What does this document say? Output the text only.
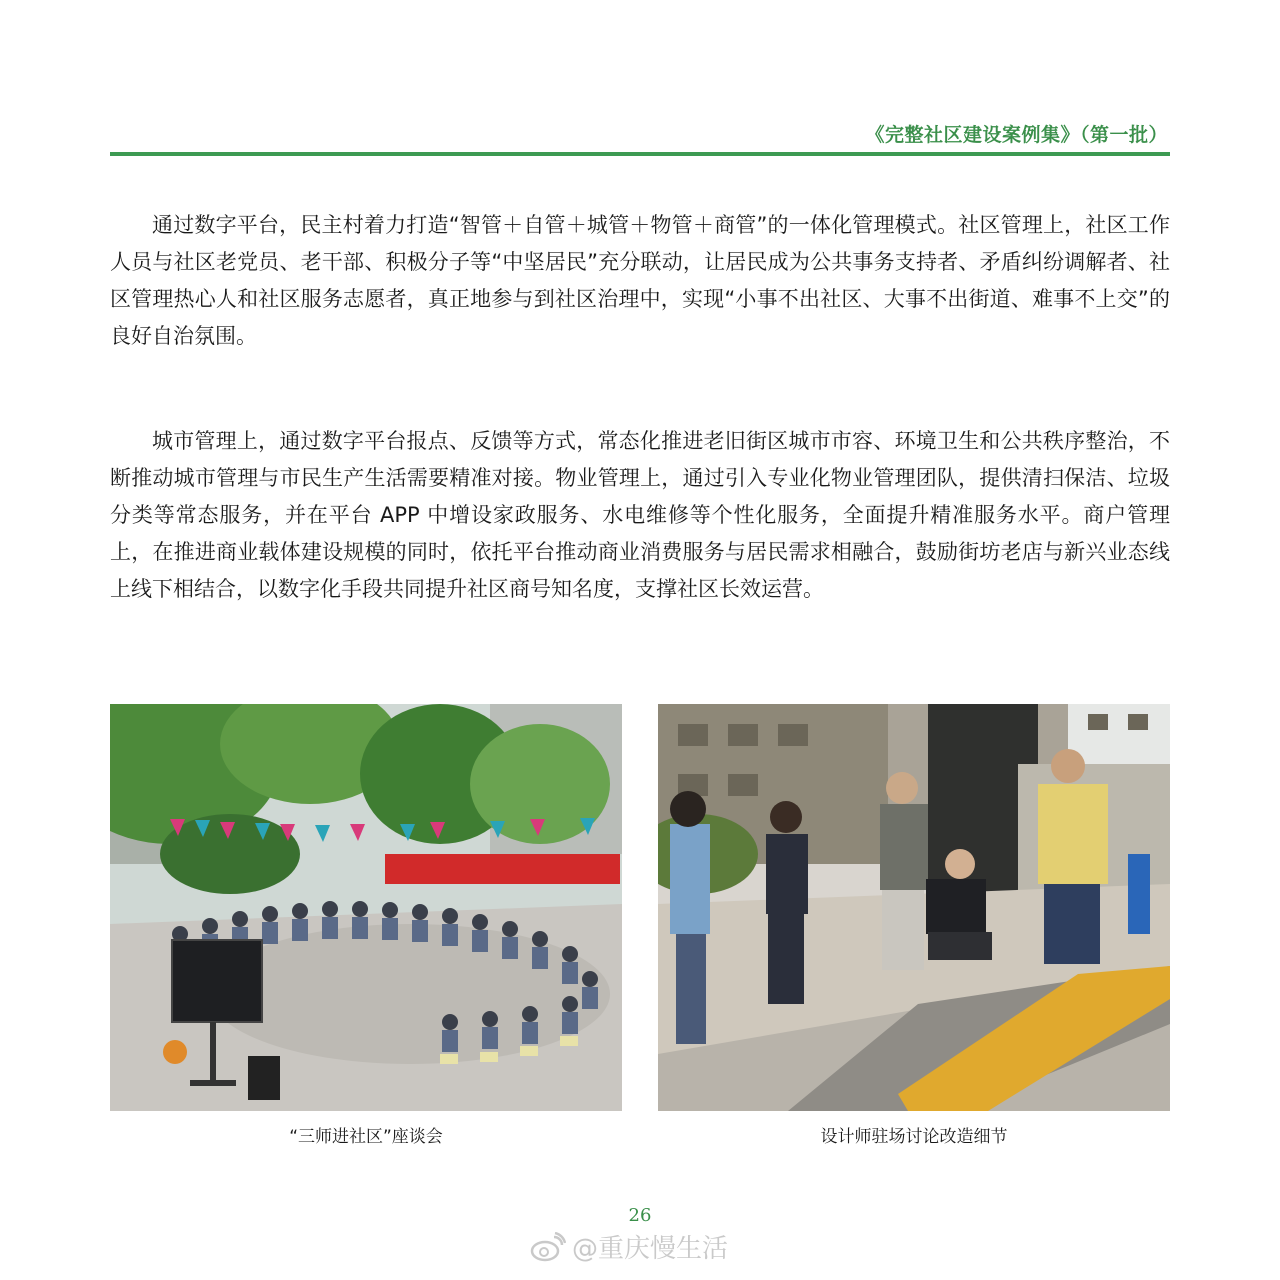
《完整社区建设案例集》（第一批）

通过数字平台，民主村着力打造“智管＋自管＋城管＋物管＋商管”的一体化管理模式。社区管理上，社区工作人员与社区老党员、老干部、积极分子等“中坚居民”充分联动，让居民成为公共事务支持者、矛盾纠纷调解者、社区管理热心人和社区服务志愿者，真正地参与到社区治理中，实现“小事不出社区、大事不出街道、难事不上交”的良好自治氛围。

城市管理上，通过数字平台报点、反馈等方式，常态化推进老旧街区城市市容、环境卫生和公共秩序整治，不断推动城市管理与市民生产生活需要精准对接。物业管理上，通过引入专业化物业管理团队，提供清扫保洁、垃圾分类等常态服务，并在平台 APP 中增设家政服务、水电维修等个性化服务，全面提升精准服务水平。商户管理上，在推进商业载体建设规模的同时，依托平台推动商业消费服务与居民需求相融合，鼓励街坊老店与新兴业态线上线下相结合，以数字化手段共同提升社区商号知名度，支撑社区长效运营。

“三师进社区”座谈会	设计师驻场讨论改造细节
26
@重庆慢生活
